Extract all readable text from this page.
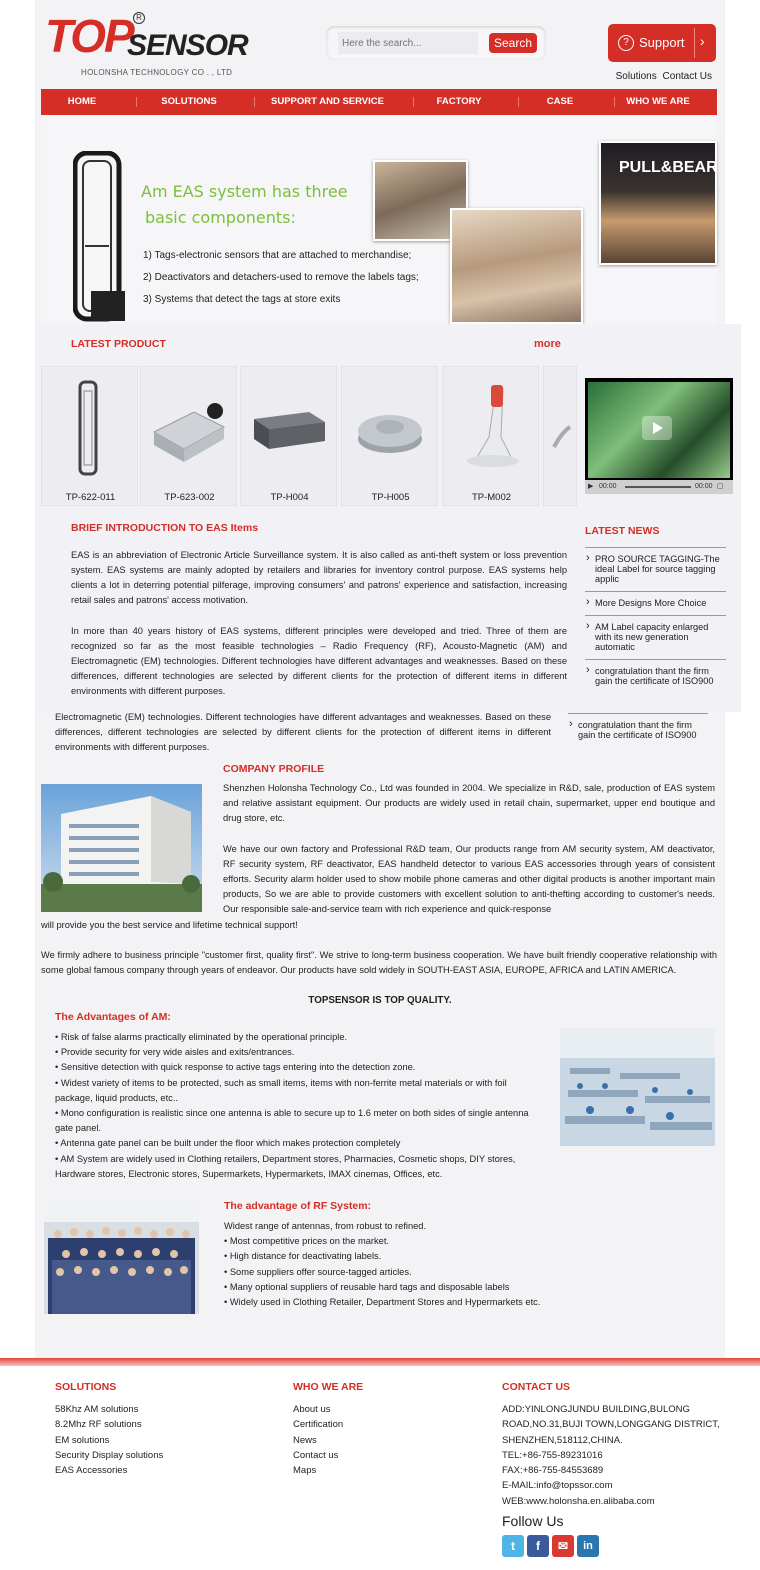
TOP R
SENSOR
HOLONSHA TECHNOLOGY CO . , LTD
Here the search...
Search	? Support ›
Solutions Contact Us
HOME	SOLUTIONS	SUPPORT AND SERVICE	FACTORY	CASE	WHO WE ARE
Am EAS system has three
basic components:
1) Tags-electronic sensors that are attached to merchandise;
2) Deactivators and detachers-used to remove the labels tags;
3) Systems that detect the tags at store exits
PULL&BEAR
LATEST PRODUCT	more
TP-622-011	TP-623-002	TP-H004	TP-H005	TP-M002
▶ 00:00	00:00 ▢
BRIEF INTRODUCTION TO EAS Items
EAS is an abbreviation of Electronic Article Surveillance system. It is also called as anti-theft system or loss prevention system. EAS systems are mainly adopted by retailers and libraries for inventory control purpose. EAS systems help clients a lot in deterring potential pilferage, improving consumers' and patrons' experience and satisfaction, increasing retail sales and patrons' access motivation.
In more than 40 years history of EAS systems, different principles were developed and tried. Three of them are recognized so far as the most feasible technologies – Radio Frequency (RF), Acousto-Magnetic (AM) and Electromagnetic (EM) technologies. Different technologies have different advantages and weaknesses. Based on these differences, different technologies are selected by different clients for the protection of different items in different environments with different purposes.
LATEST NEWS
› PRO SOURCE TAGGING-The ideal Label for source tagging applic
› More Designs More Choice
› AM Label capacity enlarged with its new generation automatic
› congratulation thant the firm gain the certificate of ISO900
Electromagnetic (EM) technologies. Different technologies have different advantages and weaknesses. Based on these differences, different technologies are selected by different clients for the protection of different items in different environments with different purposes.
› congratulation thant the firm gain the certificate of ISO900
COMPANY PROFILE
Shenzhen Holonsha Technology Co., Ltd was founded in 2004. We specialize in R&D, sale, production of EAS system and relative assistant equipment. Our products are widely used in retail chain, supermarket, upper end boutique and drug store, etc.
We have our own factory and Professional R&D team, Our products range from AM security system, AM deactivator, RF security system, RF deactivator, EAS handheld detector to various EAS accessories through years of consistent efforts. Security alarm holder used to show mobile phone cameras and other digital products is another important main products, So we are able to provide customers with excellent solution to anti-thefting according to customer's needs. Our responsible sale-and-service team with rich experience and quick-response
will provide you the best service and lifetime technical support!
We firmly adhere to business principle "customer first, quality first". We strive to long-term business cooperation. We have built friendly cooperative relationship with some global famous company through years of endeavor. Our products have sold widely in SOUTH-EAST ASIA, EUROPE, AFRICA and LATIN AMERICA.
TOPSENSOR IS TOP QUALITY.
The Advantages of AM:
• Risk of false alarms practically eliminated by the operational principle.
• Provide security for very wide aisles and exits/entrances.
• Sensitive detection with quick response to active tags entering into the detection zone.
• Widest variety of items to be protected, such as small items, items with non-ferrite metal materials or with foil package, liquid products, etc..
• Mono configuration is realistic since one antenna is able to secure up to 1.6 meter on both sides of single antenna gate panel.
• Antenna gate panel can be built under the floor which makes protection completely
• AM System are widely used in Clothing retailers, Department stores, Pharmacies, Cosmetic shops, DIY stores, Hardware stores, Electronic stores, Supermarkets, Hypermarkets, IMAX cinemas, Offices, etc.
The advantage of RF System:
Widest range of antennas, from robust to refined.
• Most competitive prices on the market.
• High distance for deactivating labels.
• Some suppliers offer source-tagged articles.
• Many optional suppliers of reusable hard tags and disposable labels
• Widely used in Clothing Retailer, Department Stores and Hypermarkets etc.
SOLUTIONS
58Khz AM solutions
8.2Mhz RF solutions
EM solutions
Security Display solutions
EAS Accessories
WHO WE ARE
About us
Certification
News
Contact us
Maps
CONTACT US
ADD:YINLONGJUNDU BUILDING,BULONG
ROAD,NO.31,BUJI TOWN,LONGGANG DISTRICT,
SHENZHEN,518112,CHINA.
TEL:+86-755-89231016
FAX:+86-755-84553689
E-MAIL:info@topssor.com
WEB:www.holonsha.en.alibaba.com
Follow Us
t	f	✉	in
